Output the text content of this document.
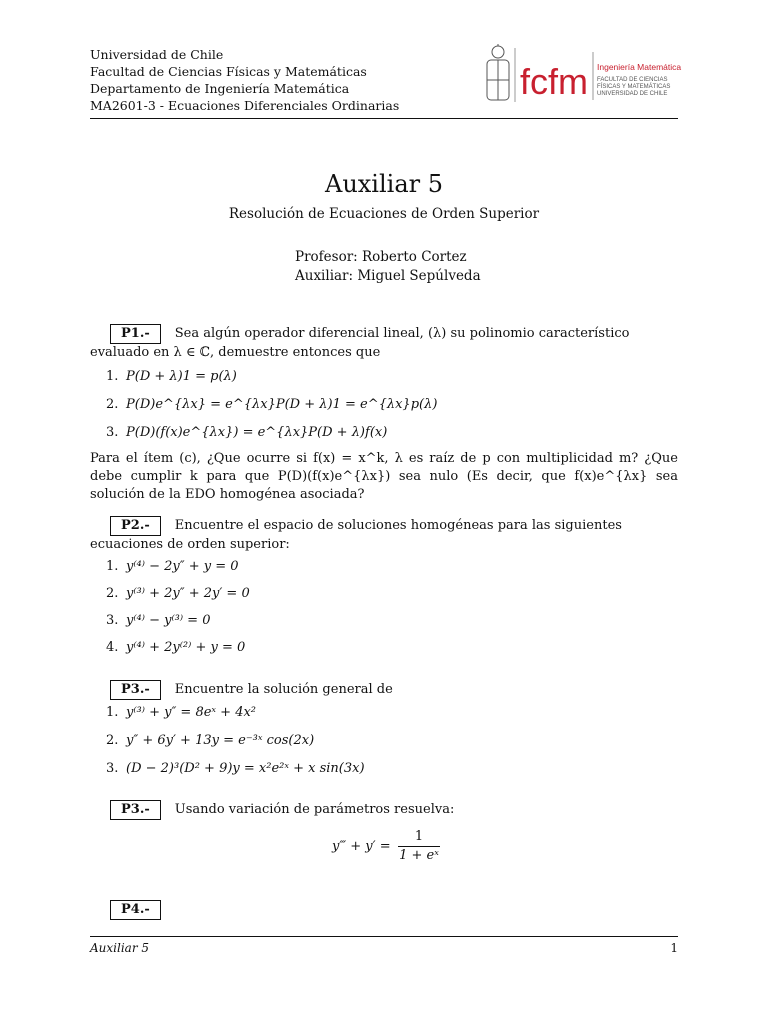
Universidad de Chile
Facultad de Ciencias Físicas y Matemáticas
Departamento de Ingeniería Matemática
MA2601-3 - Ecuaciones Diferenciales Ordinarias
fcfm Ingeniería Matemática
FACULTAD DE CIENCIAS
FÍSICAS Y MATEMÁTICAS
UNIVERSIDAD DE CHILE
Auxiliar 5
Resolución de Ecuaciones de Orden Superior
Profesor: Roberto Cortez
Auxiliar: Miguel Sepúlveda
P1.- Sea algún operador diferencial lineal, (λ) su polinomio característico evaluado en λ ∈ ℂ, demuestre entonces que
1. P(D + λ)1 = p(λ)
2. P(D)e^{λx} = e^{λx}P(D + λ)1 = e^{λx}p(λ)
3. P(D)(f(x)e^{λx}) = e^{λx}P(D + λ)f(x)
Para el ítem (c), ¿Que ocurre si f(x) = x^k, λ es raíz de p con multiplicidad m? ¿Que debe cumplir k para que P(D)(f(x)e^{λx}) sea nulo (Es decir, que f(x)e^{λx} sea solución de la EDO homogénea asociada?
P2.- Encuentre el espacio de soluciones homogéneas para las siguientes ecuaciones de orden superior:
1. y⁽⁴⁾ − 2y″ + y = 0
2. y⁽³⁾ + 2y″ + 2y′ = 0
3. y⁽⁴⁾ − y⁽³⁾ = 0
4. y⁽⁴⁾ + 2y⁽²⁾ + y = 0
P3.- Encuentre la solución general de
1. y⁽³⁾ + y″ = 8eˣ + 4x²
2. y″ + 6y′ + 13y = e⁻³ˣ cos(2x)
3. (D − 2)³(D² + 9)y = x²e²ˣ + x sin(3x)
P3.- Usando variación de parámetros resuelva:
y‴ + $y' = \frac{1}{\text{1 + eˣ}}$
P4.-
Auxiliar 5	1
